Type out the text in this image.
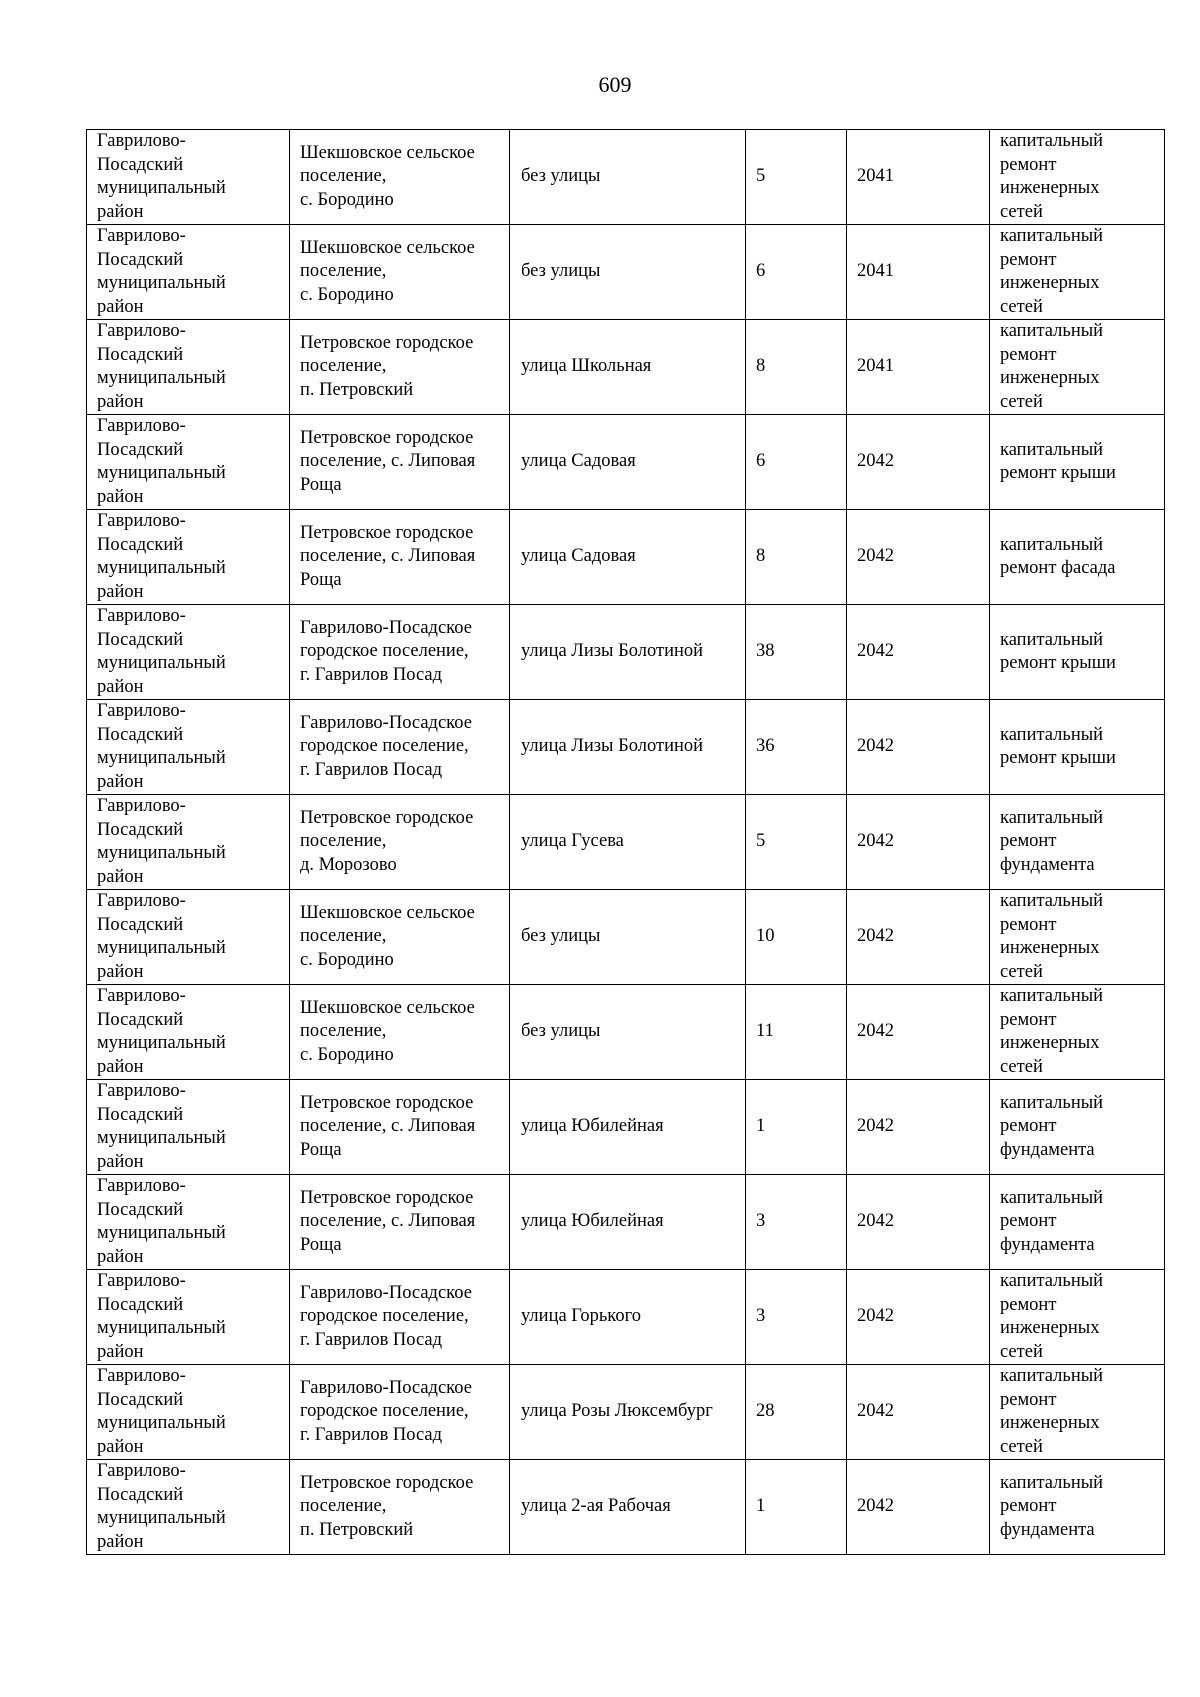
609
Гаврилово-
Посадский
муниципальный
район	Шекшовское сельское
поселение,
с. Бородино	без улицы	5	2041	капитальный
ремонт
инженерных
сетей

Гаврилово-
Посадский
муниципальный
район	Шекшовское сельское
поселение,
с. Бородино	без улицы	6	2041	капитальный
ремонт
инженерных
сетей

Гаврилово-
Посадский
муниципальный
район	Петровское городское
поселение,
п. Петровский	улица Школьная	8	2041	капитальный
ремонт
инженерных
сетей

Гаврилово-
Посадский
муниципальный
район	Петровское городское
поселение, с. Липовая
Роща	улица Садовая	6	2042	капитальный
ремонт крыши

Гаврилово-
Посадский
муниципальный
район	Петровское городское
поселение, с. Липовая
Роща	улица Садовая	8	2042	капитальный
ремонт фасада

Гаврилово-
Посадский
муниципальный
район	Гаврилово-Посадское
городское поселение,
г. Гаврилов Посад	улица Лизы Болотиной	38	2042	капитальный
ремонт крыши

Гаврилово-
Посадский
муниципальный
район	Гаврилово-Посадское
городское поселение,
г. Гаврилов Посад	улица Лизы Болотиной	36	2042	капитальный
ремонт крыши

Гаврилово-
Посадский
муниципальный
район	Петровское городское
поселение,
д. Морозово	улица Гусева	5	2042	капитальный
ремонт
фундамента

Гаврилово-
Посадский
муниципальный
район	Шекшовское сельское
поселение,
с. Бородино	без улицы	10	2042	капитальный
ремонт
инженерных
сетей

Гаврилово-
Посадский
муниципальный
район	Шекшовское сельское
поселение,
с. Бородино	без улицы	11	2042	капитальный
ремонт
инженерных
сетей

Гаврилово-
Посадский
муниципальный
район	Петровское городское
поселение, с. Липовая
Роща	улица Юбилейная	1	2042	капитальный
ремонт
фундамента

Гаврилово-
Посадский
муниципальный
район	Петровское городское
поселение, с. Липовая
Роща	улица Юбилейная	3	2042	капитальный
ремонт
фундамента

Гаврилово-
Посадский
муниципальный
район	Гаврилово-Посадское
городское поселение,
г. Гаврилов Посад	улица Горького	3	2042	капитальный
ремонт
инженерных
сетей

Гаврилово-
Посадский
муниципальный
район	Гаврилово-Посадское
городское поселение,
г. Гаврилов Посад	улица Розы Люксембург	28	2042	капитальный
ремонт
инженерных
сетей

Гаврилово-
Посадский
муниципальный
район	Петровское городское
поселение,
п. Петровский	улица 2-ая Рабочая	1	2042	капитальный
ремонт
фундамента
